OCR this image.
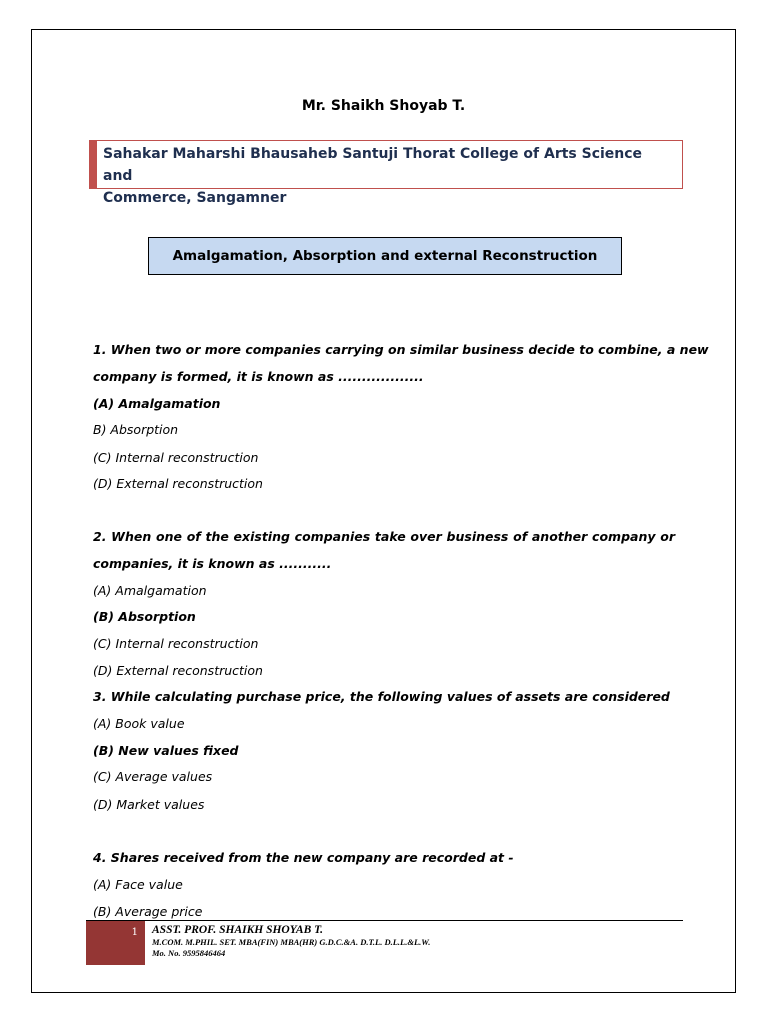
Mr. Shaikh Shoyab T.
Sahakar Maharshi Bhausaheb Santuji Thorat College of Arts Science and
Commerce, Sangamner
Amalgamation, Absorption and external Reconstruction
1. When two or more companies carrying on similar business decide to combine, a new
company is formed, it is known as ..................
(A) Amalgamation
B) Absorption
(C) Internal reconstruction
(D) External reconstruction
2. When one of the existing companies take over business of another company or
companies, it is known as ...........
(A) Amalgamation
(B) Absorption
(C) Internal reconstruction
(D) External reconstruction
3. While calculating purchase price, the following values of assets are considered
(A) Book value
(B) New values fixed
(C) Average values
(D) Market values
4. Shares received from the new company are recorded at -
(A) Face value
(B) Average price
1	ASST. PROF. SHAIKH SHOYAB T.
M.COM. M.PHIL. SET. MBA(FIN) MBA(HR) G.D.C.&A. D.T.L. D.L.L.&L.W.
Mo. No. 9595846464
